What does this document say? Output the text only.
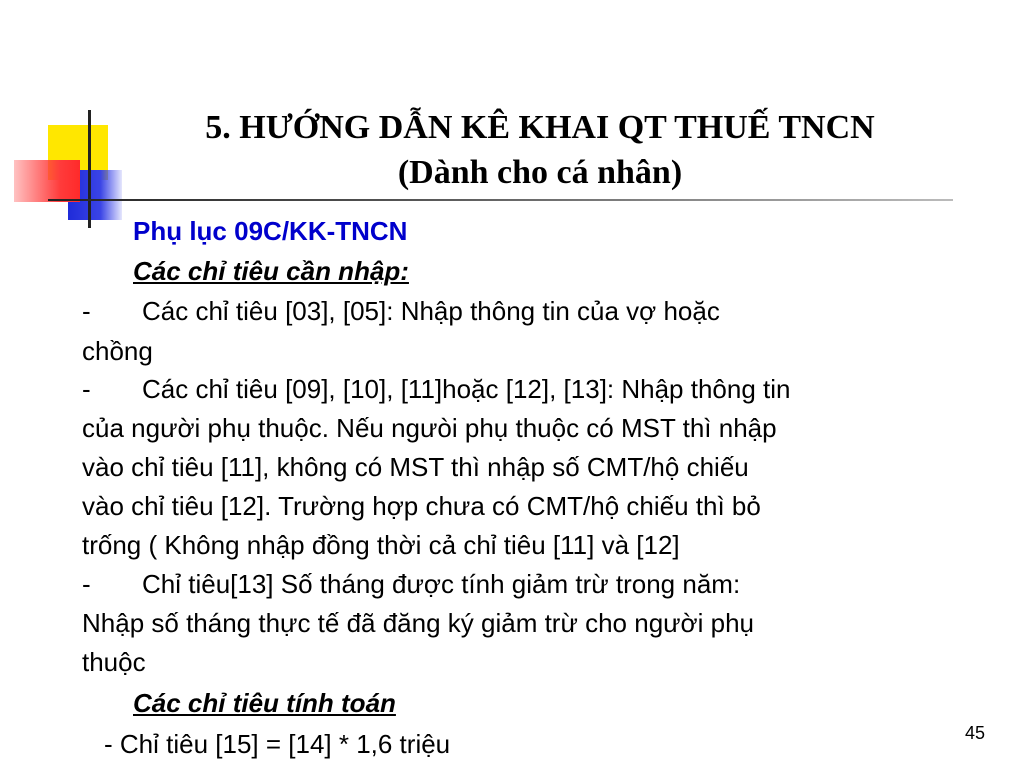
5. HƯỚNG DẪN KÊ KHAI QT THUẾ TNCN
(Dành cho cá nhân)
Phụ lục 09C/KK-TNCN
Các chỉ tiêu cần nhập:
- Các chỉ tiêu [03], [05]: Nhập thông tin của vợ hoặc
chồng
- Các chỉ tiêu [09], [10], [11]hoặc [12], [13]: Nhập thông tin
của người phụ thuộc. Nếu ngưòi phụ thuộc có MST thì nhập
vào chỉ tiêu [11], không có MST thì nhập số CMT/hộ chiếu
vào chỉ tiêu [12]. Trường hợp chưa có CMT/hộ chiếu thì bỏ
trống ( Không nhập đồng thời cả chỉ tiêu [11] và [12]
- Chỉ tiêu[13] Số tháng được tính giảm trừ trong năm:
Nhập số tháng thực tế đã đăng ký giảm trừ cho người phụ
thuộc
Các chỉ tiêu tính toán
- Chỉ tiêu [15] = [14] * 1,6 triệu	45
